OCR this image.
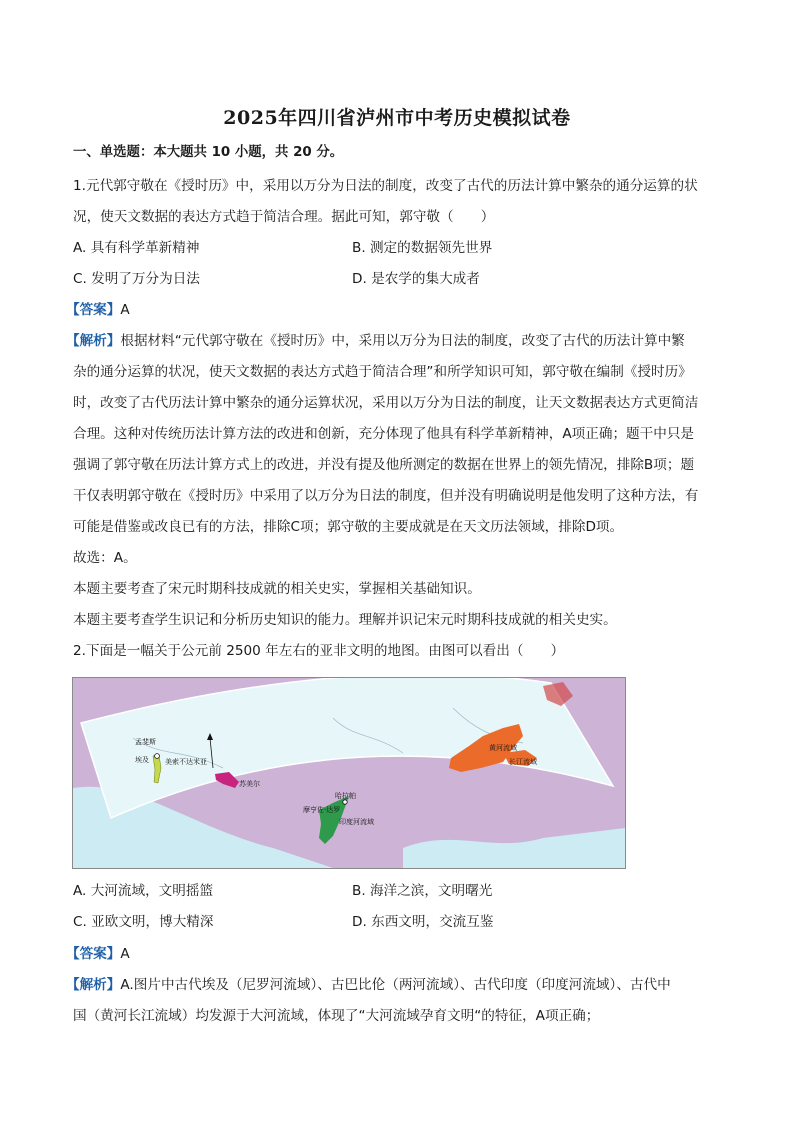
2025年四川省泸州市中考历史模拟试卷
一、单选题：本大题共 10 小题，共 20 分。
1.元代郭守敬在《授时历》中，采用以万分为日法的制度，改变了古代的历法计算中繁杂的通分运算的状
况，使天文数据的表达方式趋于简洁合理。据此可知，郭守敬（　　）
A. 具有科学革新精神	B. 测定的数据领先世界
C. 发明了万分为日法	D. 是农学的集大成者
【答案】A
【解析】根据材料“元代郭守敬在《授时历》中，采用以万分为日法的制度，改变了古代的历法计算中繁
杂的通分运算的状况，使天文数据的表达方式趋于简洁合理”和所学知识可知，郭守敬在编制《授时历》
时，改变了古代历法计算中繁杂的通分运算状况，采用以万分为日法的制度，让天文数据表达方式更简洁
合理。这种对传统历法计算方法的改进和创新，充分体现了他具有科学革新精神，A项正确；题干中只是
强调了郭守敬在历法计算方式上的改进，并没有提及他所测定的数据在世界上的领先情况，排除B项；题
干仅表明郭守敬在《授时历》中采用了以万分为日法的制度，但并没有明确说明是他发明了这种方法，有
可能是借鉴或改良已有的方法，排除C项；郭守敬的主要成就是在天文历法领域，排除D项。
故选：A。
本题主要考查了宋元时期科技成就的相关史实，掌握相关基础知识。
本题主要考查学生识记和分析历史知识的能力。理解并识记宋元时期科技成就的相关史实。
2.下面是一幅关于公元前 2500 年左右的亚非文明的地图。由图可以看出（　　）
孟斐斯
埃及 美索不达米亚
苏美尔
哈拉帕
摩亨佐·达罗
印度河流域
黄河流域
长江流域
A. 大河流域，文明摇篮	B. 海洋之滨，文明曙光
C. 亚欧文明，博大精深	D. 东西文明，交流互鉴
【答案】A
【解析】A.图片中古代埃及（尼罗河流域）、古巴比伦（两河流域）、古代印度（印度河流域）、古代中
国（黄河长江流域）均发源于大河流域，体现了“大河流域孕育文明“的特征，A项正确；
